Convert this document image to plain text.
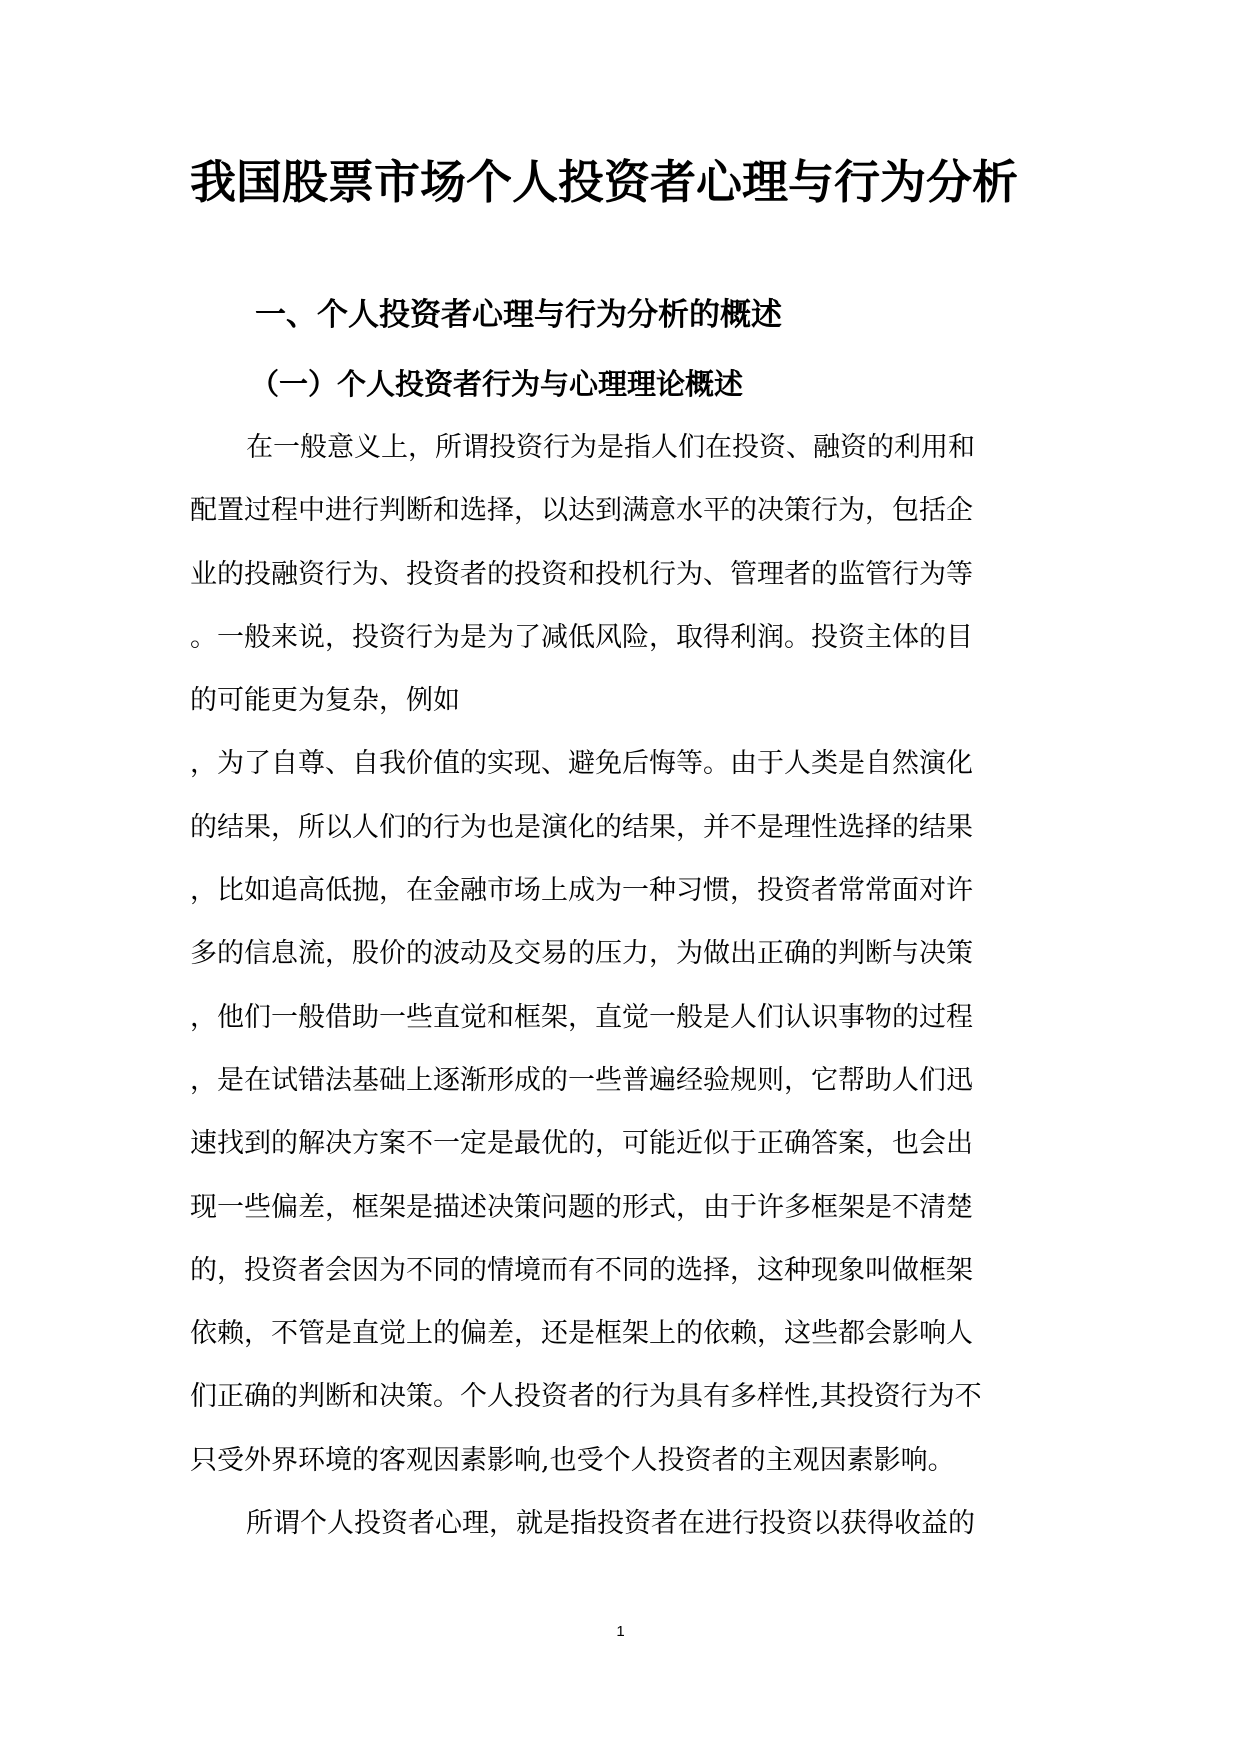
我国股票市场个人投资者心理与行为分析
一、个人投资者心理与行为分析的概述
（一）个人投资者行为与心理理论概述
在一般意义上，所谓投资行为是指人们在投资、融资的利用和
配置过程中进行判断和选择，以达到满意水平的决策行为，包括企
业的投融资行为、投资者的投资和投机行为、管理者的监管行为等
。一般来说，投资行为是为了减低风险，取得利润。投资主体的目
的可能更为复杂，例如
，为了自尊、自我价值的实现、避免后悔等。由于人类是自然演化
的结果，所以人们的行为也是演化的结果，并不是理性选择的结果
，比如追高低抛，在金融市场上成为一种习惯，投资者常常面对许
多的信息流，股价的波动及交易的压力，为做出正确的判断与决策
，他们一般借助一些直觉和框架，直觉一般是人们认识事物的过程
，是在试错法基础上逐渐形成的一些普遍经验规则，它帮助人们迅
速找到的解决方案不一定是最优的，可能近似于正确答案，也会出
现一些偏差，框架是描述决策问题的形式，由于许多框架是不清楚
的，投资者会因为不同的情境而有不同的选择，这种现象叫做框架
依赖，不管是直觉上的偏差，还是框架上的依赖，这些都会影响人
们正确的判断和决策。个人投资者的行为具有多样性,其投资行为不
只受外界环境的客观因素影响,也受个人投资者的主观因素影响。
所谓个人投资者心理，就是指投资者在进行投资以获得收益的
1
